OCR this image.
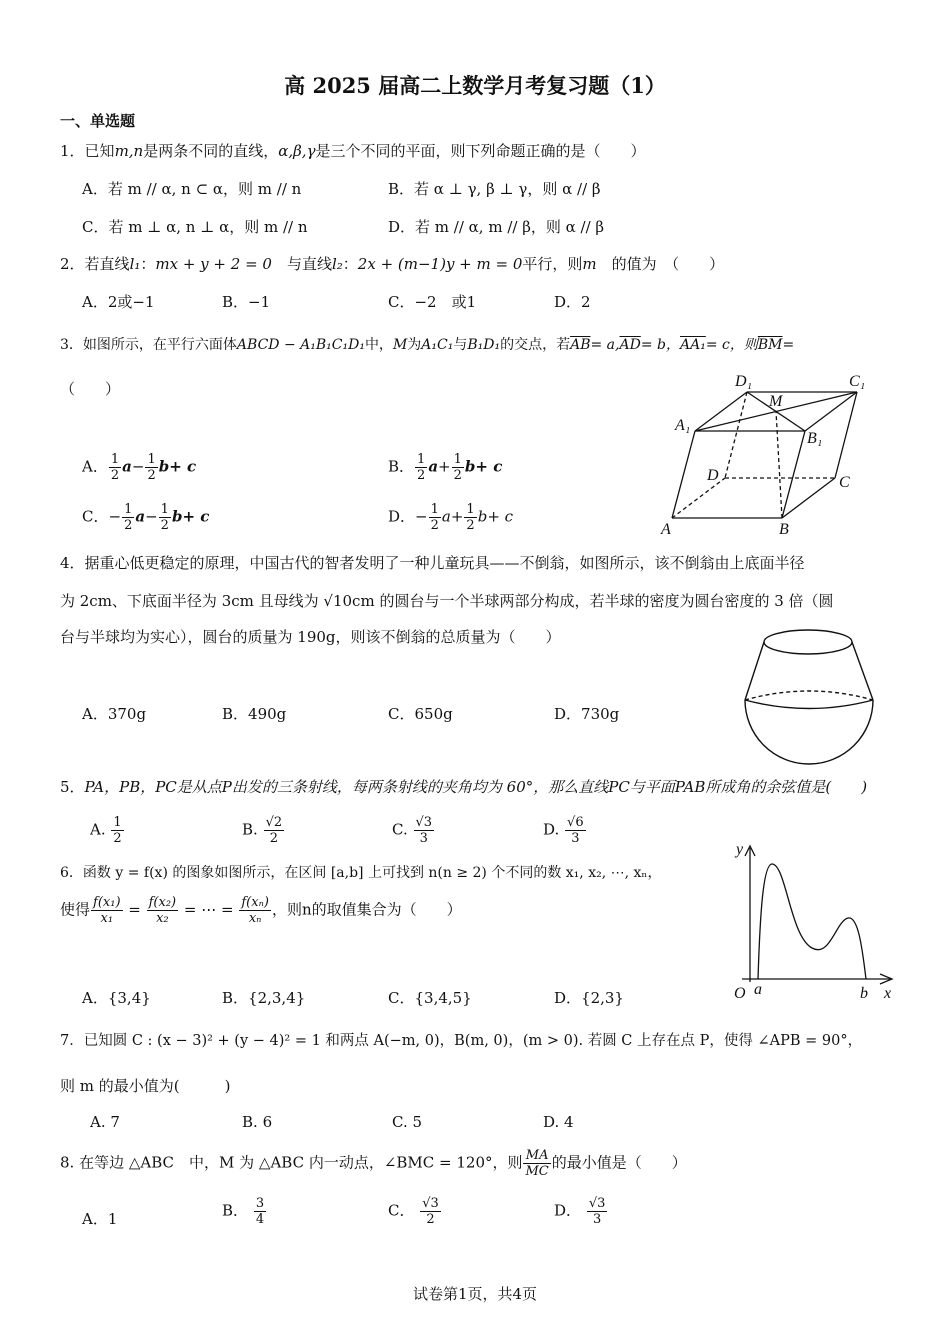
高 2025 届高二上数学月考复习题（1）
一、单选题
1．已知m,n是两条不同的直线，α,β,γ是三个不同的平面，则下列命题正确的是（　　）
A．若 m // α, n ⊂ α，则 m // n	B．若 α ⊥ γ, β ⊥ γ，则 α // β
C．若 m ⊥ α, n ⊥ α，则 m // n	D．若 m // α, m // β，则 α // β
2．若直线l₁：mx + y + 2 = 0　与直线l₂：2x + (m−1)y + m = 0平行，则m　的值为　（　　）
A．2或−1	B．−1	C．−2　或1	D．2
3．如图所示，在平行六面体ABCD − A₁B₁C₁D₁中，M为A₁C₁与B₁D₁的交点，若$\overline{AB}= a,\overline{AD}= b$，AA₁= c，则$\overline{BM}=$
（　　）
A． $\frac{1}{2} a- \frac{1}{2} b+ c$	B． $\frac{1}{2} a+ \frac{1}{2} b+ c$
C．− $\frac{1}{2} a- \frac{1}{2} b+ c$	D．− $\frac{1}{2} a+ \frac{1}{2} b+ c$
D₁	C₁
M
A₁
B₁
D	C
A	B
4．据重心低更稳定的原理，中国古代的智者发明了一种儿童玩具——不倒翁，如图所示，该不倒翁由上底面半径
为 2cm、下底面半径为 3cm 且母线为 √10cm 的圆台与一个半球两部分构成，若半球的密度为圆台密度的 3 倍（圆
台与半球均为实心），圆台的质量为 190g，则该不倒翁的总质量为（　　）
A．370g	B．490g	C．650g	D．730g
5．PA，PB，PC是从点P出发的三条射线，每两条射线的夹角均为 60°，那么直线PC与平面PAB所成角的余弦值是(　　)
A. $\frac{1}{2}$	B. $\frac{√2}{2}$	C. $\frac{√3}{3}$	D. $\frac{√6}{3}$
6．函数 y = f(x) 的图象如图所示，在区间 [a,b] 上可找到 n(n ≥ 2) 个不同的数 x₁, x₂, ⋯, xₙ，
使得 $\frac{\text{f(x₁)}}{\text{x₁}} = \frac{\text{f(x₂)}}{\text{x₂}}$ = ⋯ = $\frac{\text{f(xₙ)}}{\text{xₙ}}$ ，则n的取值集合为（　　）
A．{3,4}	B．{2,3,4}	C．{3,4,5}	D．{2,3}
y
O a	b x
7．已知圆 C : (x − 3)² + (y − 4)² = 1 和两点 A(−m, 0)，B(m, 0)，(m > 0). 若圆 C 上存在点 P，使得 ∠APB = 90°，
则 m 的最小值为(　　　)
A. 7	B. 6	C. 5	D. 4
8. 在等边 △ABC　中，M 为 △ABC 内一动点，∠BMC = 120°，则 $\frac{MA}{MC}$ 的最小值是（　　）
A．1	B． $\frac{3}{4}$	C． $\frac{√3}{2}$	D． $\frac{√3}{3}$
试卷第1页，共4页
